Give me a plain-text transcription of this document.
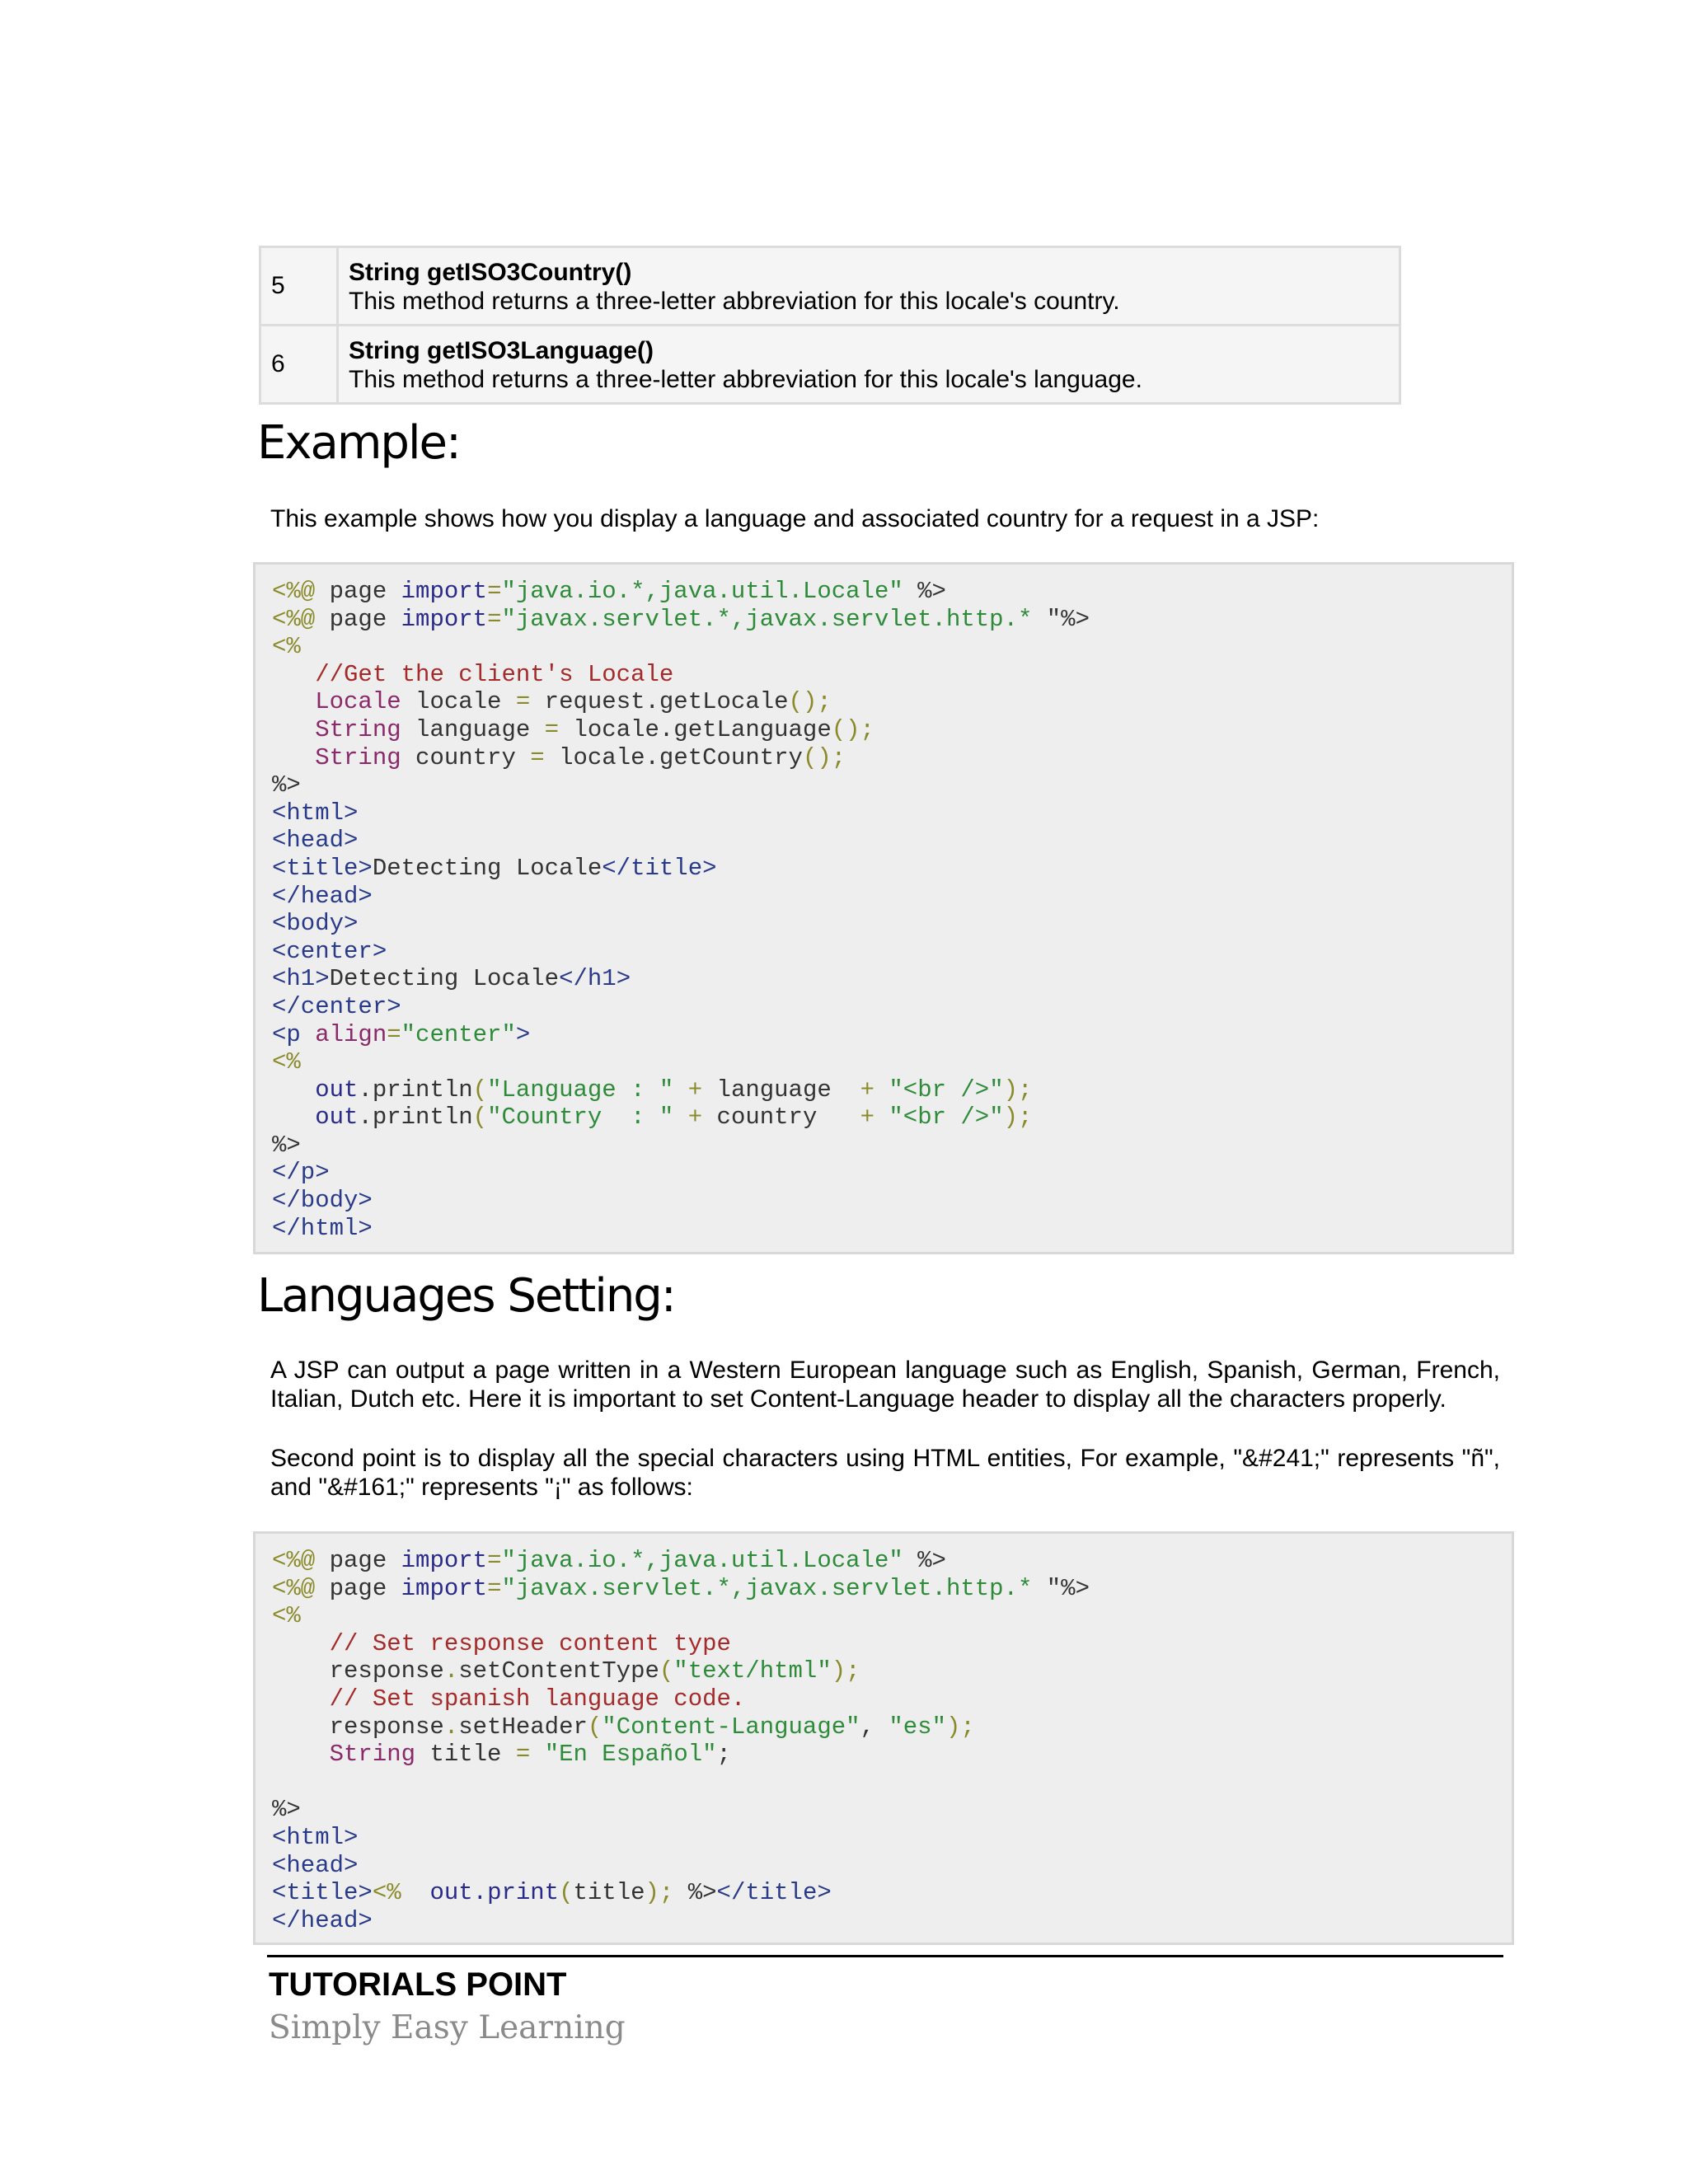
5	String getISO3Country()
This method returns a three-letter abbreviation for this locale's country.

6	String getISO3Language()
This method returns a three-letter abbreviation for this locale's language.
Example:

This example shows how you display a language and associated country for a request in a JSP:

<%@ page import="java.io.*,java.util.Locale" %>
<%@ page import="javax.servlet.*,javax.servlet.http.* "%>
<%
//Get the client's Locale
Locale locale = request.getLocale();
String language = locale.getLanguage();
String country = locale.getCountry();
%>
<html>
<head>
<title>Detecting Locale</title>
</head>
<body>
<center>
<h1>Detecting Locale</h1>
</center>
<p align="center">
<%
out.println("Language : " + language  + "<br />");
out.println("Country  : " + country   + "<br />");
%>
</p>
</body>
</html>
Languages Setting:

A JSP can output a page written in a Western European language such as English, Spanish, German, French, Italian, Dutch etc. Here it is important to set Content-Language header to display all the characters properly.

Second point is to display all the special characters using HTML entities, For example, "&#241;" represents "ñ", and "&#161;" represents "¡" as follows:

<%@ page import="java.io.*,java.util.Locale" %>
<%@ page import="javax.servlet.*,javax.servlet.http.* "%>
<%
// Set response content type
response.setContentType("text/html");
// Set spanish language code.
response.setHeader("Content-Language", "es");
String title = "En Español";

%>
<html>
<head>
<title><% out.print(title); %></title>
</head>

TUTORIALS POINT

Simply Easy Learning
